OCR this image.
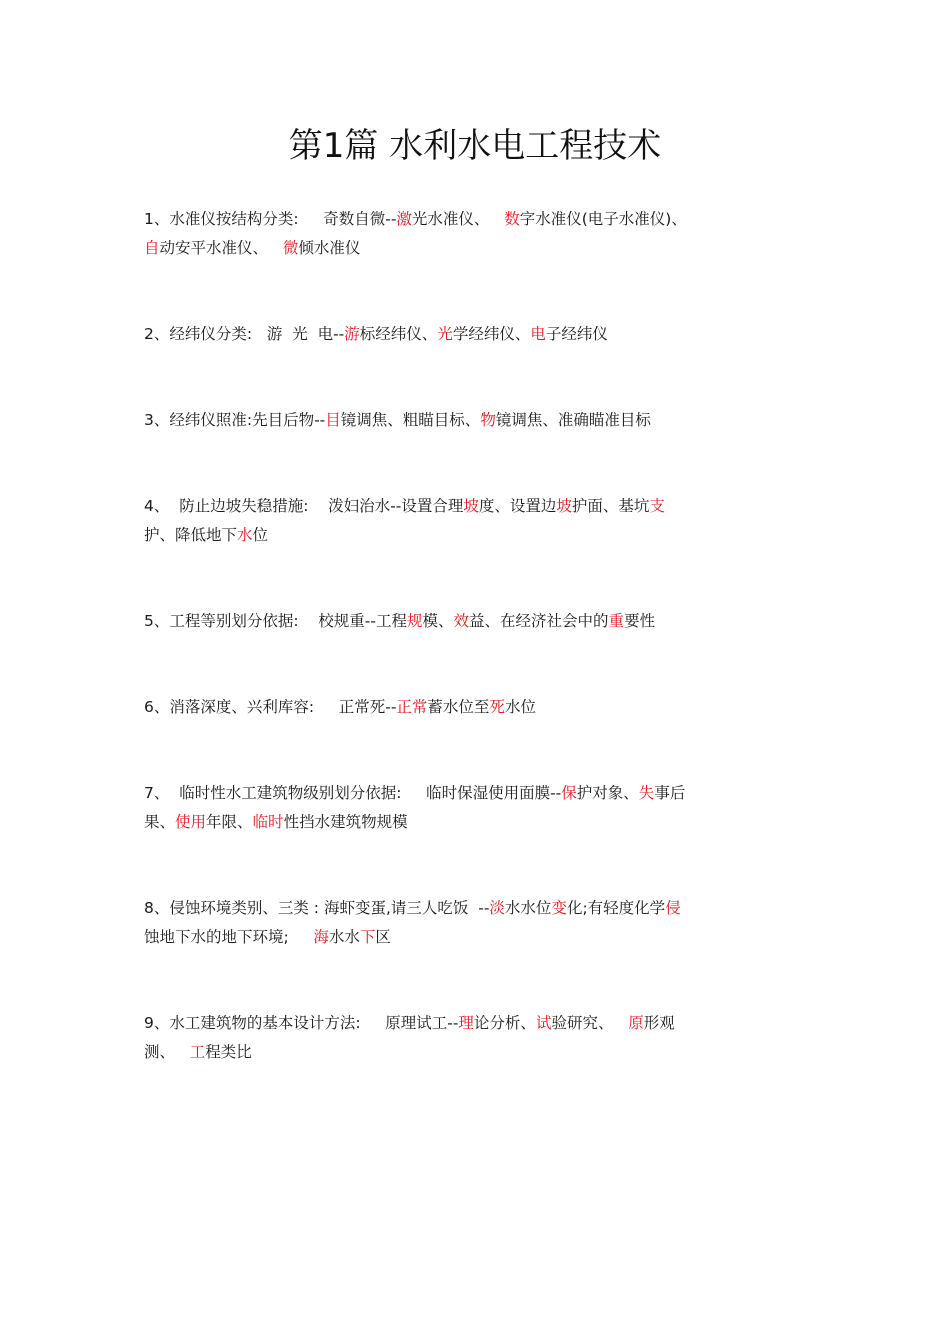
第1篇 水利水电工程技术
1、水准仪按结构分类:     奇数自微--激光水准仪、   数字水准仪(电子水准仪)、   自动安平水准仪、   微倾水准仪
2、经纬仪分类:   游  光  电--游标经纬仪、光学经纬仪、电子经纬仪
3、经纬仪照准:先目后物--目镜调焦、粗瞄目标、物镜调焦、准确瞄准目标
4、  防止边坡失稳措施:    泼妇治水--设置合理坡度、设置边坡护面、基坑支护、降低地下水位
5、工程等别划分依据:    校规重--工程规模、效益、在经济社会中的重要性
6、消落深度、兴利库容:     正常死--正常蓄水位至死水位
7、  临时性水工建筑物级别划分依据:     临时保湿使用面膜--保护对象、失事后果、使用年限、临时性挡水建筑物规模
8、侵蚀环境类别、三类 : 海虾变蛋,请三人吃饭  --淡水水位变化;有轻度化学侵蚀地下水的地下环境;     海水水下区
9、水工建筑物的基本设计方法:     原理试工--理论分析、试验研究、   原形观测、   工程类比
